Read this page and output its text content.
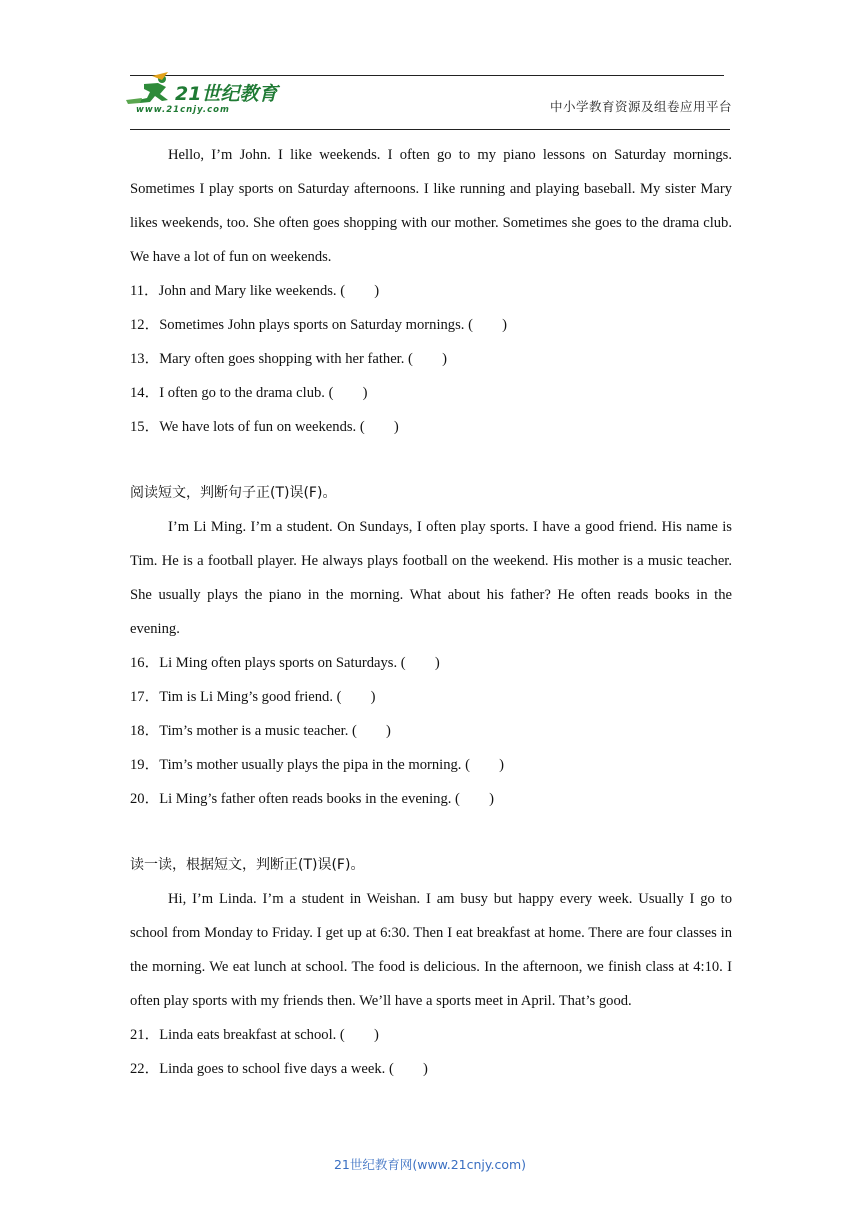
21世纪教育
www.21cnjy.com	中小学教育资源及组卷应用平台

Hello, I’m John. I like weekends. I often go to my piano lessons on Saturday mornings. Sometimes I play sports on Saturday afternoons. I like running and playing baseball. My sister Mary likes weekends, too. She often goes shopping with our mother. Sometimes she goes to the drama club. We have a lot of fun on weekends.

11．John and Mary like weekends. (　　)

12．Sometimes John plays sports on Saturday mornings. (　　)

13．Mary often goes shopping with her father. (　　)

14．I often go to the drama club. (　　)

15．We have lots of fun on weekends. (　　)

阅读短文，判断句子正(T)误(F)。

I’m Li Ming. I’m a student. On Sundays, I often play sports. I have a good friend. His name is Tim. He is a football player. He always plays football on the weekend. His mother is a music teacher. She usually plays the piano in the morning. What about his father? He often reads books in the evening.

16．Li Ming often plays sports on Saturdays. (　　)

17．Tim is Li Ming’s good friend. (　　)

18．Tim’s mother is a music teacher. (　　)

19．Tim’s mother usually plays the pipa in the morning. (　　)

20．Li Ming’s father often reads books in the evening. (　　)

读一读，根据短文，判断正(T)误(F)。

Hi, I’m Linda. I’m a student in Weishan. I am busy but happy every week. Usually I go to school from Monday to Friday. I get up at 6:30. Then I eat breakfast at home. There are four classes in the morning. We eat lunch at school. The food is delicious. In the afternoon, we finish class at 4:10. I often play sports with my friends then. We’ll have a sports meet in April. That’s good.

21．Linda eats breakfast at school. (　　)

22．Linda goes to school five days a week. (　　)

21世纪教育网(www.21cnjy.com)
